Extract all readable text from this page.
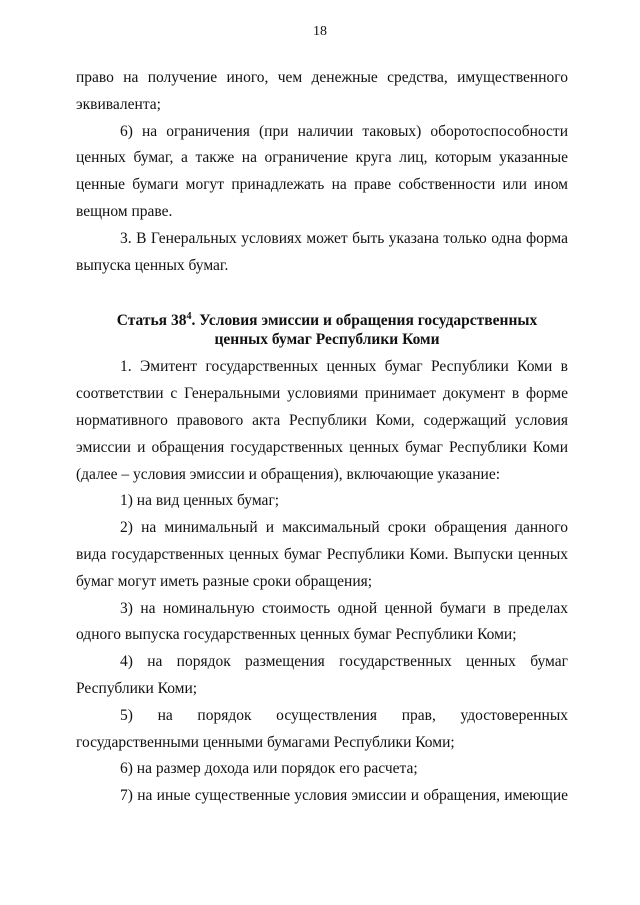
18

право на получение иного, чем денежные средства, имущественного эквивалента;

6) на ограничения (при наличии таковых) оборотоспособности ценных бумаг, а также на ограничение круга лиц, которым указанные ценные бумаги могут принадлежать на праве собственности или ином вещном праве.

3. В Генеральных условиях может быть указана только одна форма выпуска ценных бумаг.

Статья $38^4$. Условия эмиссии и обращения государственных

ценных бумаг Республики Коми

1. Эмитент государственных ценных бумаг Республики Коми в соответствии с Генеральными условиями принимает документ в форме нормативного правового акта Республики Коми, содержащий условия эмиссии и обращения государственных ценных бумаг Республики Коми (далее – условия эмиссии и обращения), включающие указание:

1) на вид ценных бумаг;

2) на минимальный и максимальный сроки обращения данного вида государственных ценных бумаг Республики Коми. Выпуски ценных бумаг могут иметь разные сроки обращения;

3) на номинальную стоимость одной ценной бумаги в пределах одного выпуска государственных ценных бумаг Республики Коми;

4) на порядок размещения государственных ценных бумаг Республики Коми;

5) на порядок осуществления прав, удостоверенных государственными ценными бумагами Республики Коми;

6) на размер дохода или порядок его расчета;

7) на иные существенные условия эмиссии и обращения, имеющие
